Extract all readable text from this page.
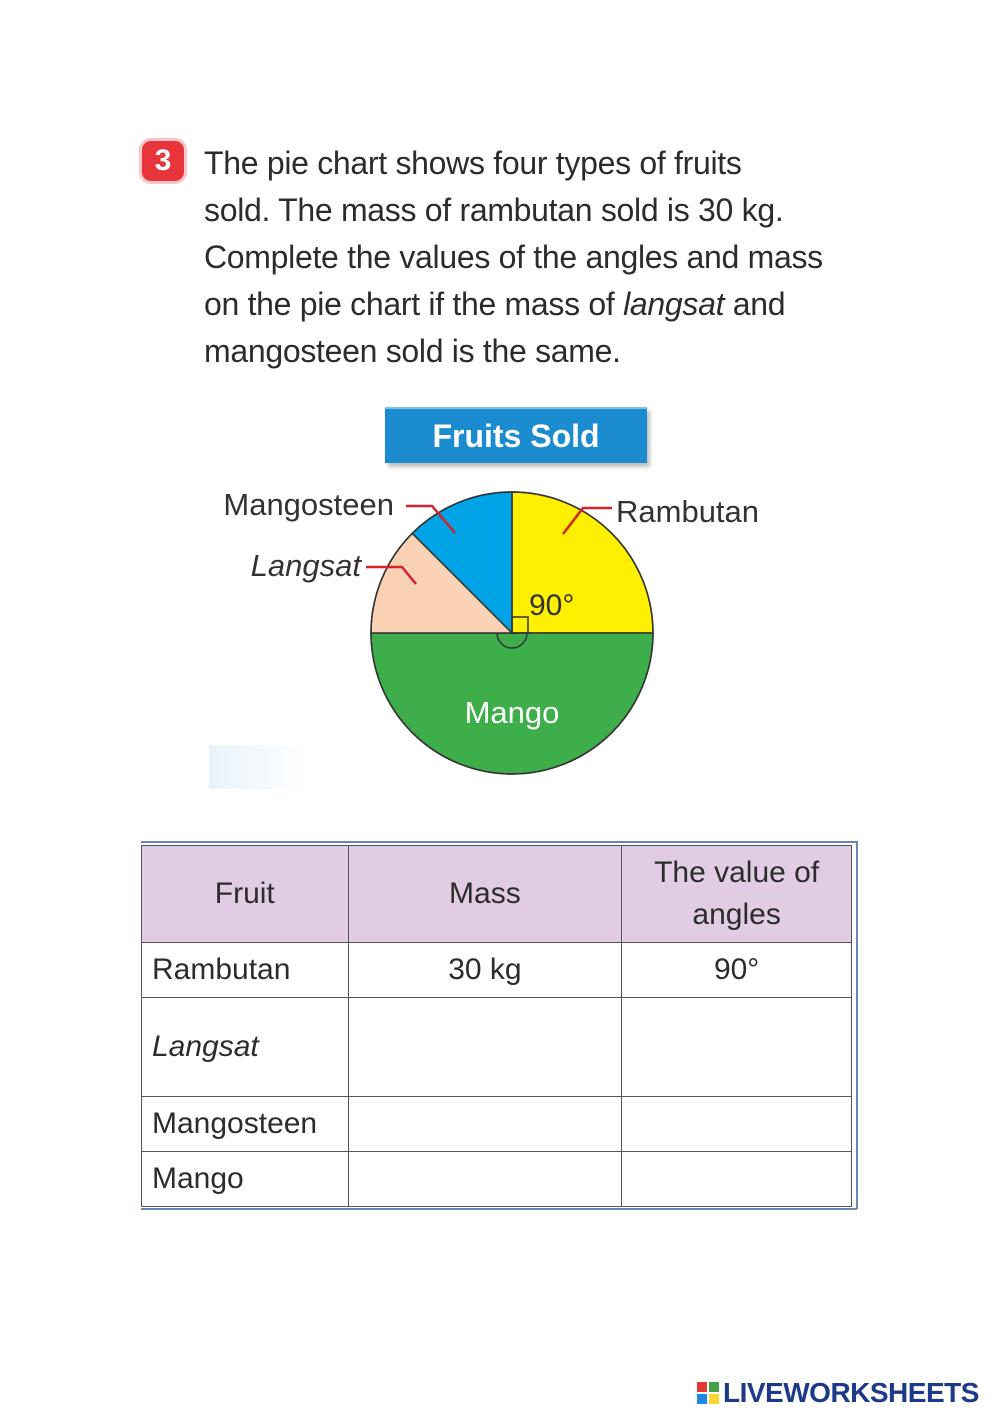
3	The pie chart shows four types of fruits

sold. The mass of rambutan sold is 30 kg.

Complete the values of the angles and mass

on the pie chart if the mass of langsat and

mangosteen sold is the same.

Fruits Sold
90°
Rambutan
Mango
Langsat
Mangosteen
Fruit	Mass	The value of angles
Rambutan	30 kg	90°
Langsat		
Mangosteen		
Mango		
LIVEWORKSHEETS
